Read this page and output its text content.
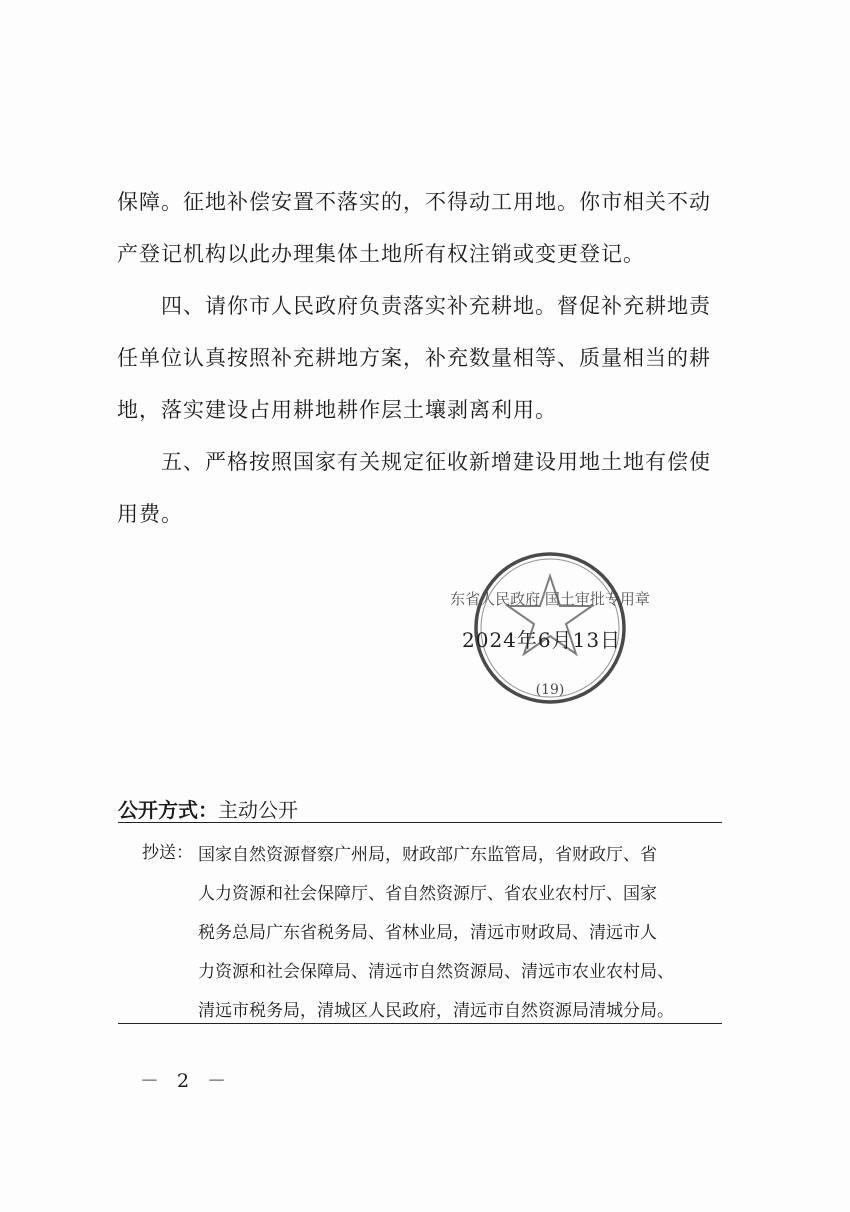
保障。征地补偿安置不落实的，不得动工用地。你市相关不动产登记机构以此办理集体土地所有权注销或变更登记。

四、请你市人民政府负责落实补充耕地。督促补充耕地责任单位认真按照补充耕地方案，补充数量相等、质量相当的耕地，落实建设占用耕地耕作层土壤剥离利用。

五、严格按照国家有关规定征收新增建设用地土地有偿使用费。

东省人民政府 国土审批专用章
(19)
2024年6月13日
公开方式：主动公开
抄送： 国家自然资源督察广州局，财政部广东监管局，省财政厅、省
人力资源和社会保障厅、省自然资源厅、省农业农村厅、国家
税务总局广东省税务局、省林业局，清远市财政局、清远市人
力资源和社会保障局、清远市自然资源局、清远市农业农村局、
清远市税务局，清城区人民政府，清远市自然资源局清城分局。
－ 2 －
